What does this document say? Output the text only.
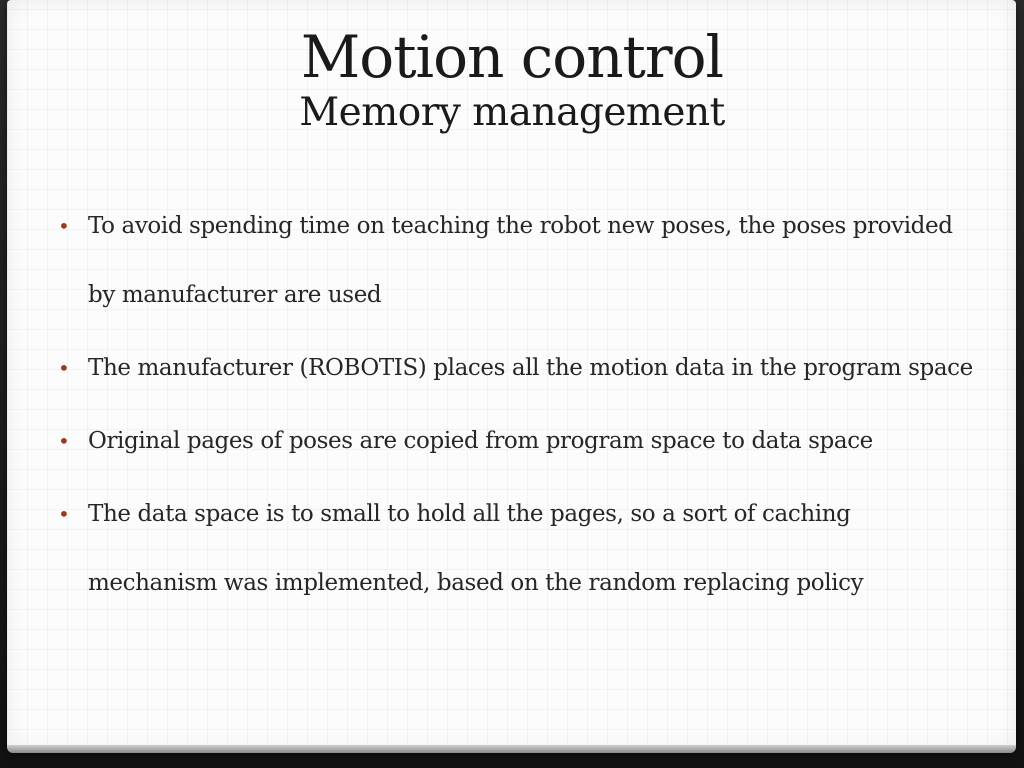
Motion control
Memory management
• To avoid spending time on teaching the robot new poses, the poses provided by manufacturer are used
• The manufacturer (ROBOTIS) places all the motion data in the program space
• Original pages of poses are copied from program space to data space
• The data space is to small to hold all the pages, so a sort of caching mechanism was implemented, based on the random replacing policy
